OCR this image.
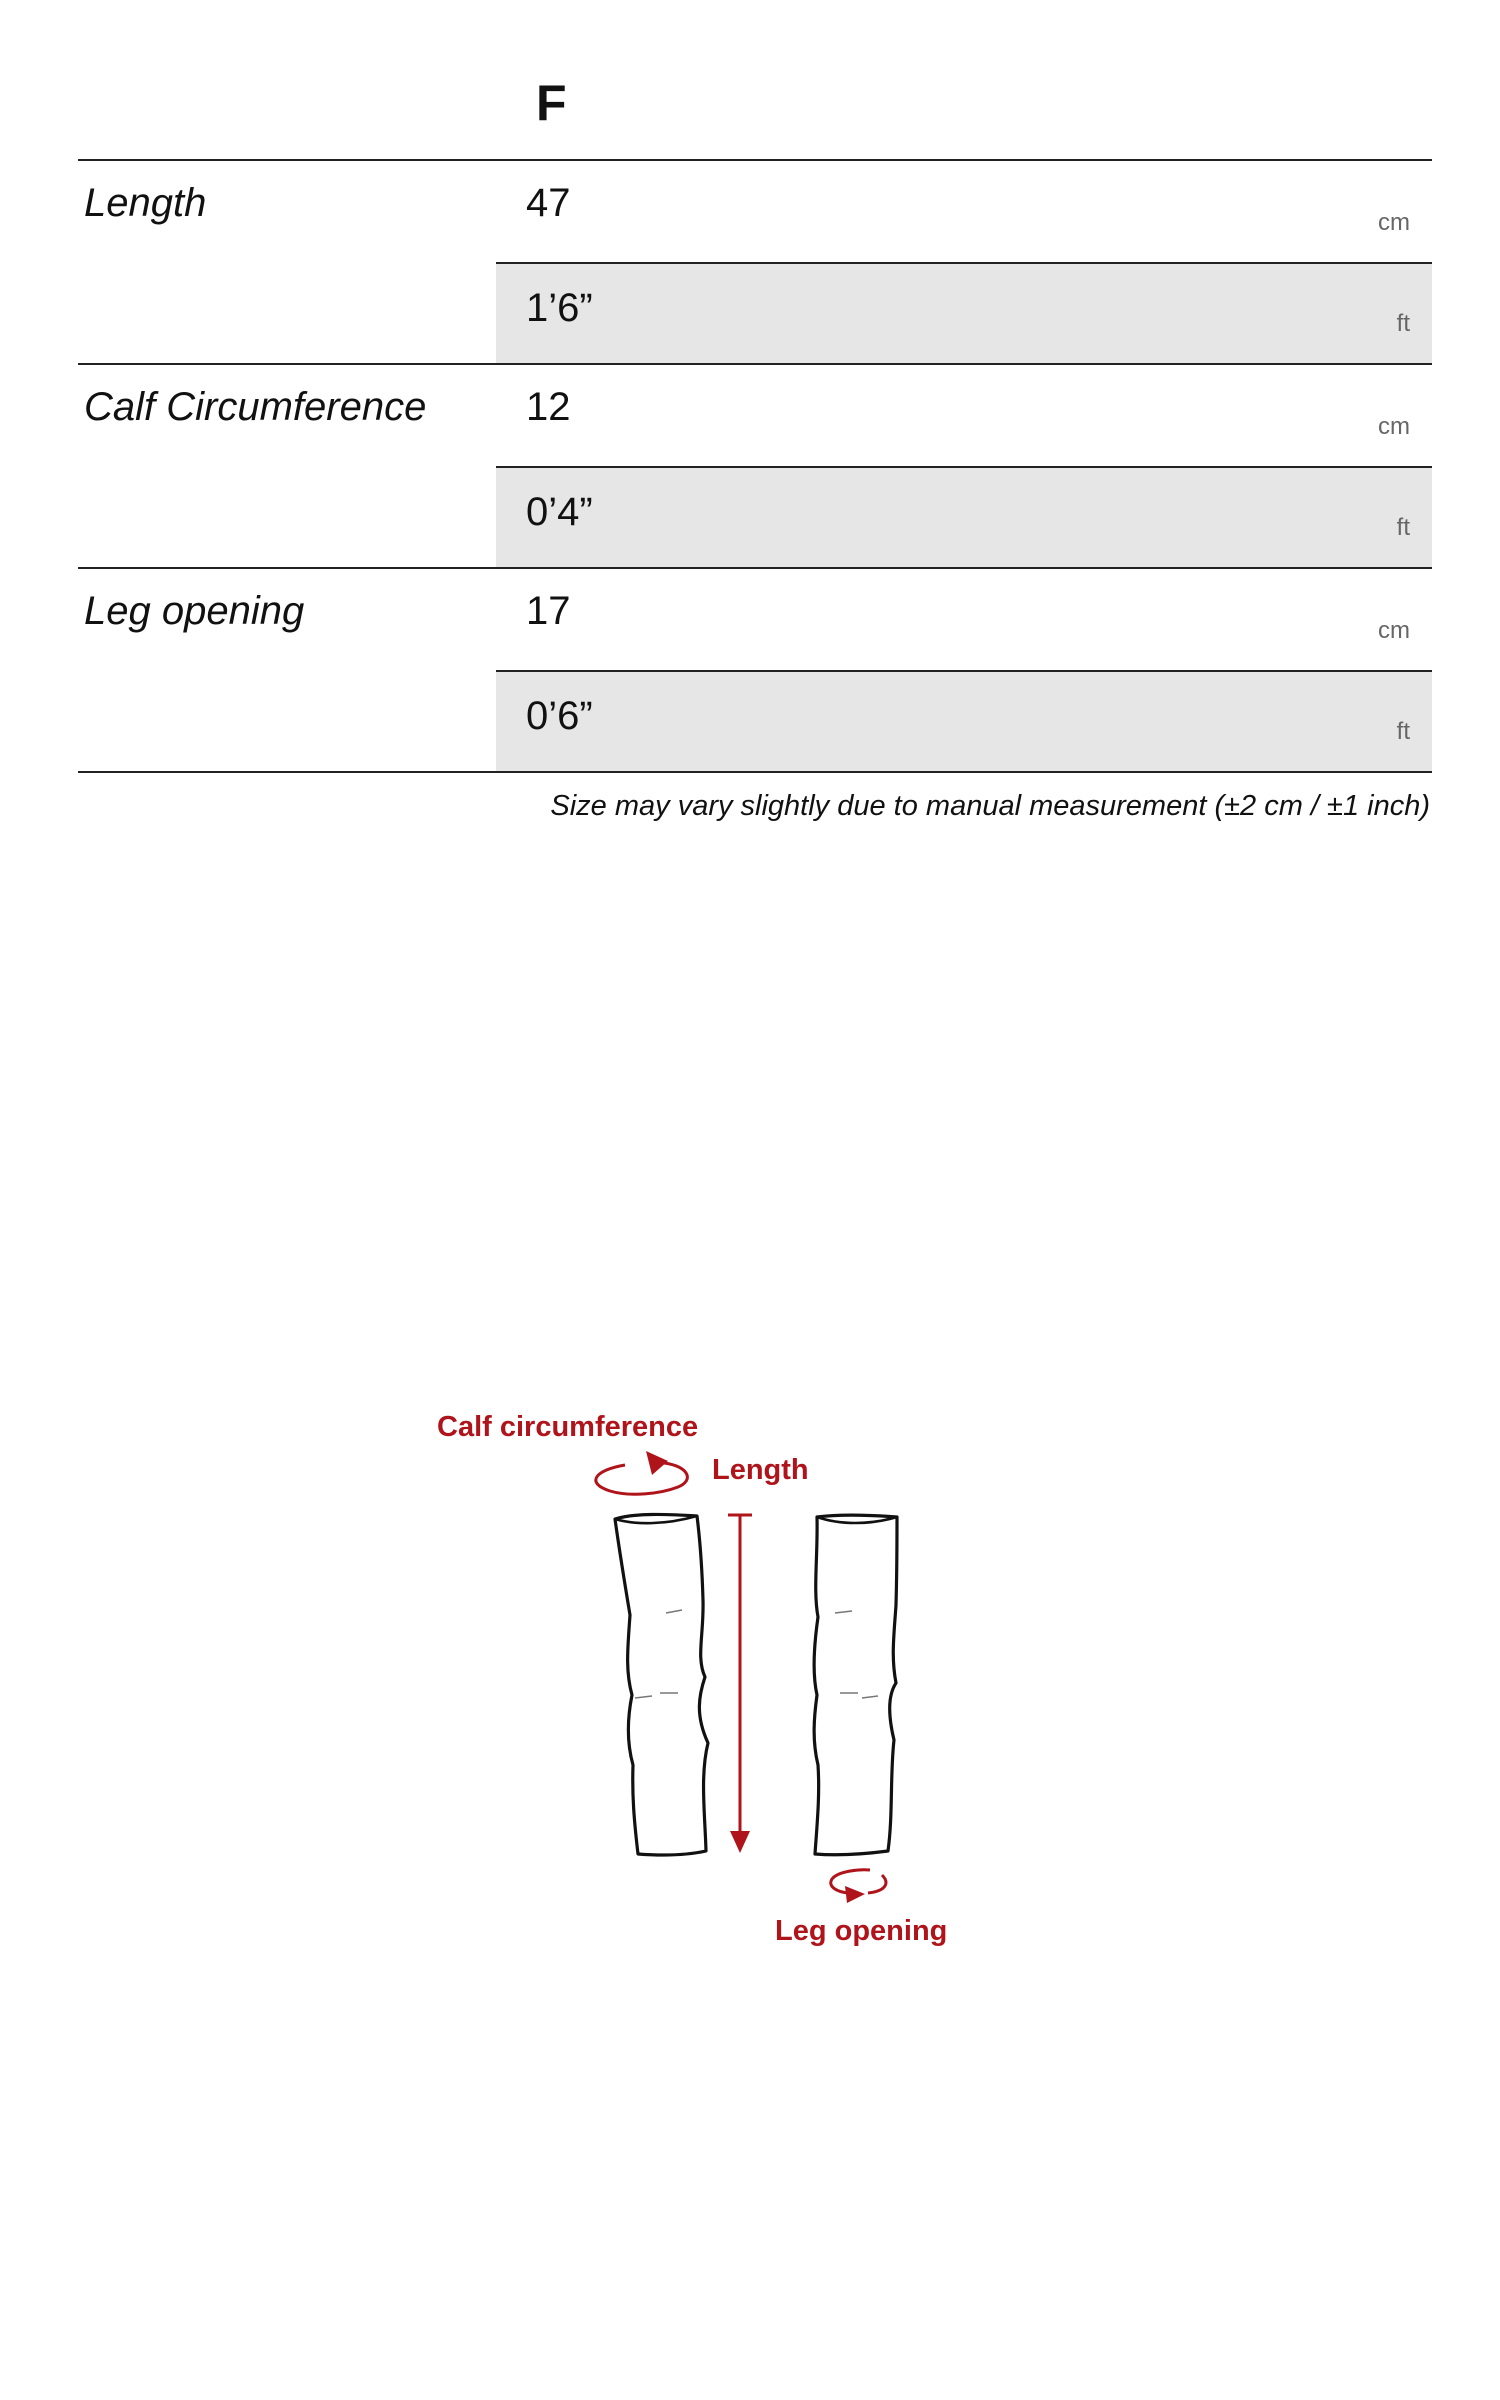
F
Length	47	cm
1’6”	ft
Calf Circumference 12	cm
0’4”	ft
Leg opening	17	cm
0’6”	ft
Size may vary slightly due to manual measurement (±2 cm / ±1 inch)
Calf circumference
Length
Leg opening
